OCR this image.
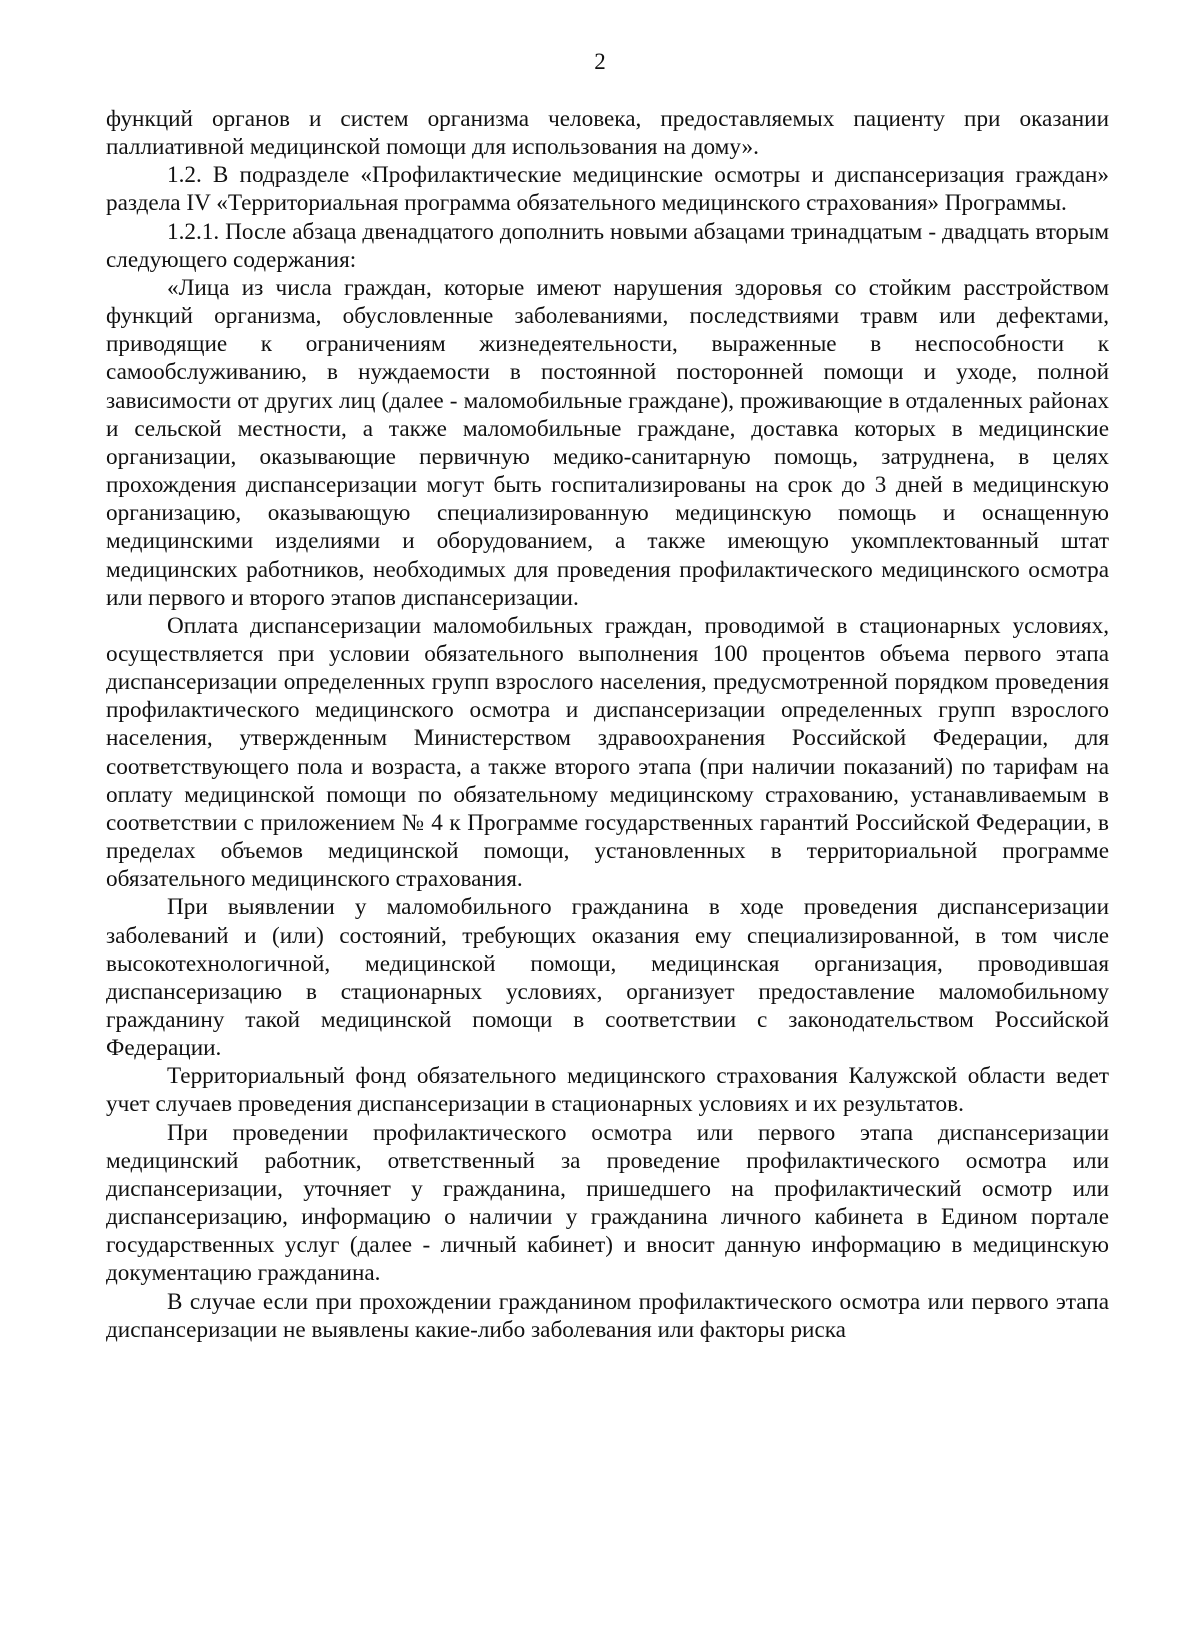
2

функций органов и систем организма человека, предоставляемых пациенту при оказании паллиативной медицинской помощи для использования на дому».

1.2. В подразделе «Профилактические медицинские осмотры и диспансеризация граждан» раздела IV «Территориальная программа обязательного медицинского страхования» Программы.

1.2.1. После абзаца двенадцатого дополнить новыми абзацами тринадцатым - двадцать вторым следующего содержания:

«Лица из числа граждан, которые имеют нарушения здоровья со стойким расстройством функций организма, обусловленные заболеваниями, последствиями травм или дефектами, приводящие к ограничениям жизнедеятельности, выраженные в неспособности к самообслуживанию, в нуждаемости в постоянной посторонней помощи и уходе, полной зависимости от других лиц (далее - маломобильные граждане), проживающие в отдаленных районах и сельской местности, а также маломобильные граждане, доставка которых в медицинские организации, оказывающие первичную медико-санитарную помощь, затруднена, в целях прохождения диспансеризации могут быть госпитализированы на срок до 3 дней в медицинскую организацию, оказывающую специализированную медицинскую помощь и оснащенную медицинскими изделиями и оборудованием, а также имеющую укомплектованный штат медицинских работников, необходимых для проведения профилактического медицинского осмотра или первого и второго этапов диспансеризации.

Оплата диспансеризации маломобильных граждан, проводимой в стационарных условиях, осуществляется при условии обязательного выполнения 100 процентов объема первого этапа диспансеризации определенных групп взрослого населения, предусмотренной порядком проведения профилактического медицинского осмотра и диспансеризации определенных групп взрослого населения, утвержденным Министерством здравоохранения Российской Федерации, для соответствующего пола и возраста, а также второго этапа (при наличии показаний) по тарифам на оплату медицинской помощи по обязательному медицинскому страхованию, устанавливаемым в соответствии с приложением № 4 к Программе государственных гарантий Российской Федерации, в пределах объемов медицинской помощи, установленных в территориальной программе обязательного медицинского страхования.

При выявлении у маломобильного гражданина в ходе проведения диспансеризации заболеваний и (или) состояний, требующих оказания ему специализированной, в том числе высокотехнологичной, медицинской помощи, медицинская организация, проводившая диспансеризацию в стационарных условиях, организует предоставление маломобильному гражданину такой медицинской помощи в соответствии с законодательством Российской Федерации.

Территориальный фонд обязательного медицинского страхования Калужской области ведет учет случаев проведения диспансеризации в стационарных условиях и их результатов.

При проведении профилактического осмотра или первого этапа диспансеризации медицинский работник, ответственный за проведение профилактического осмотра или диспансеризации, уточняет у гражданина, пришедшего на профилактический осмотр или диспансеризацию, информацию о наличии у гражданина личного кабинета в Едином портале государственных услуг (далее - личный кабинет) и вносит данную информацию в медицинскую документацию гражданина.

В случае если при прохождении гражданином профилактического осмотра или первого этапа диспансеризации не выявлены какие-либо заболевания или факторы риска
